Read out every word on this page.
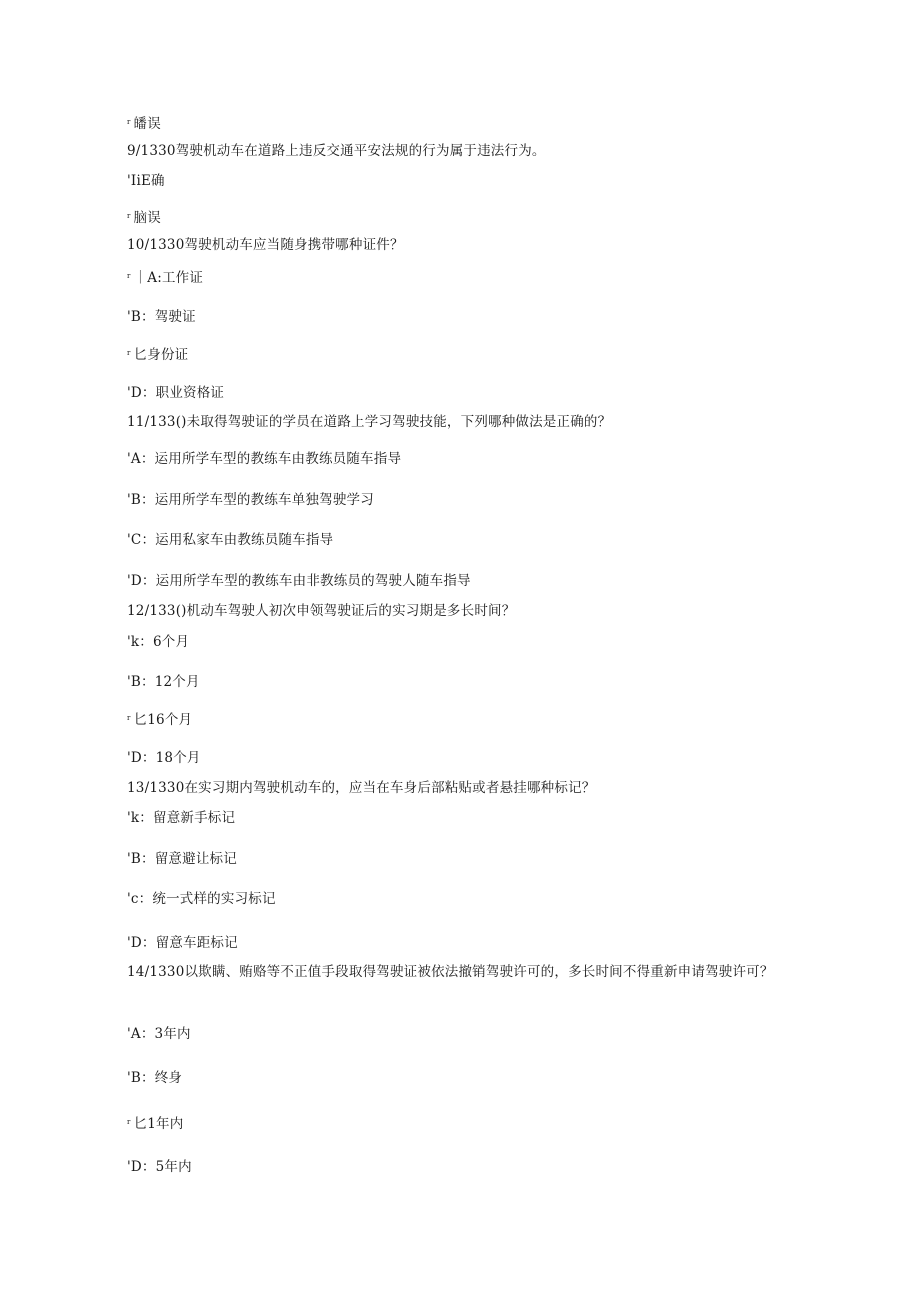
r 皤误
9/1330驾驶机动车在道路上违反交通平安法规的行为属于违法行为。
'IiE确
r 脑误
10/1330驾驶机动车应当随身携带哪种证件？
r ｜A:工作证
'B：驾驶证
r 匕身份证
'D：职业资格证
11/133()未取得驾驶证的学员在道路上学习驾驶技能，下列哪种做法是正确的？
'A：运用所学车型的教练车由教练员随车指导
'B：运用所学车型的教练车单独驾驶学习
'C：运用私家车由教练员随车指导
'D：运用所学车型的教练车由非教练员的驾驶人随车指导
12/133()机动车驾驶人初次申领驾驶证后的实习期是多长时间？
'k：6个月
'B：12个月
r 匕16个月
'D：18个月
13/1330在实习期内驾驶机动车的，应当在车身后部粘贴或者悬挂哪种标记？
'k：留意新手标记
'B：留意避让标记
'c：统一式样的实习标记
'D：留意车距标记
14/1330以欺瞒、贿赂等不正值手段取得驾驶证被依法撤销驾驶许可的，多长时间不得重新申请驾驶许可？
'A：3年内
'B：终身
r 匕1年内
'D：5年内
